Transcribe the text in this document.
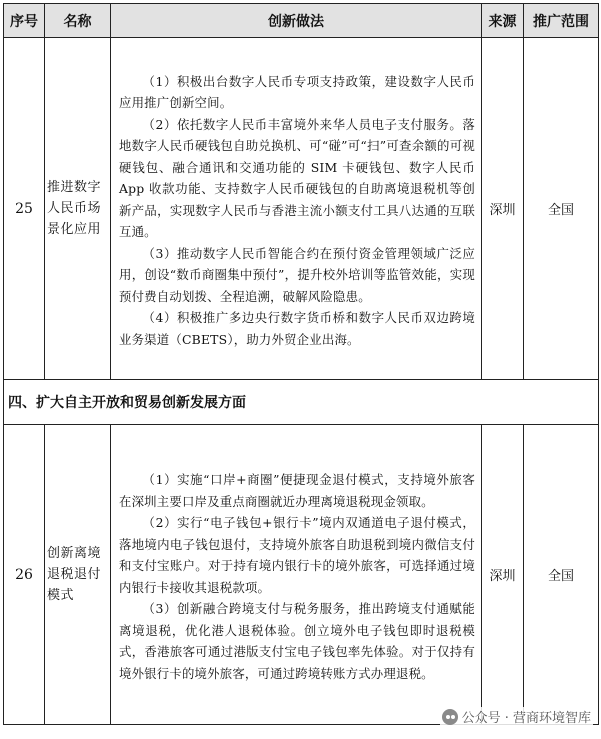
序号	名称	创新做法	来源	推广范围
25	推进数字人民币场景化应用	（1）积极出台数字人民币专项支持政策，建设数字人民币应用推广创新空间。

（2）依托数字人民币丰富境外来华人员电子支付服务。落地数字人民币硬钱包自助兑换机、可“碰”可“扫”可查余额的可视硬钱包、融合通讯和交通功能的 SIM 卡硬钱包、数字人民币 App 收款功能、支持数字人民币硬钱包的自助离境退税机等创新产品，实现数字人民币与香港主流小额支付工具八达通的互联互通。

（3）推动数字人民币智能合约在预付资金管理领域广泛应用，创设“数币商圈集中预付”，提升校外培训等监管效能，实现预付费自动划拨、全程追溯，破解风险隐患。

（4）积极推广多边央行数字货币桥和数字人民币双边跨境业务渠道（CBETS），助力外贸企业出海。	深圳	全国
四、扩大自主开放和贸易创新发展方面				
26	创新离境退税退付模式	（1）实施“口岸+商圈”便捷现金退付模式，支持境外旅客在深圳主要口岸及重点商圈就近办理离境退税现金领取。

（2）实行“电子钱包+银行卡”境内双通道电子退付模式，落地境内电子钱包退付，支持境外旅客自助退税到境内微信支付和支付宝账户。对于持有境内银行卡的境外旅客，可选择通过境内银行卡接收其退税款项。

（3）创新融合跨境支付与税务服务，推出跨境支付通赋能离境退税，优化港人退税体验。创立境外电子钱包即时退税模式，香港旅客可通过港版支付宝电子钱包率先体验。对于仅持有境外银行卡的境外旅客，可通过跨境转账方式办理退税。	深圳	全国
公众号 · 营商环境智库
